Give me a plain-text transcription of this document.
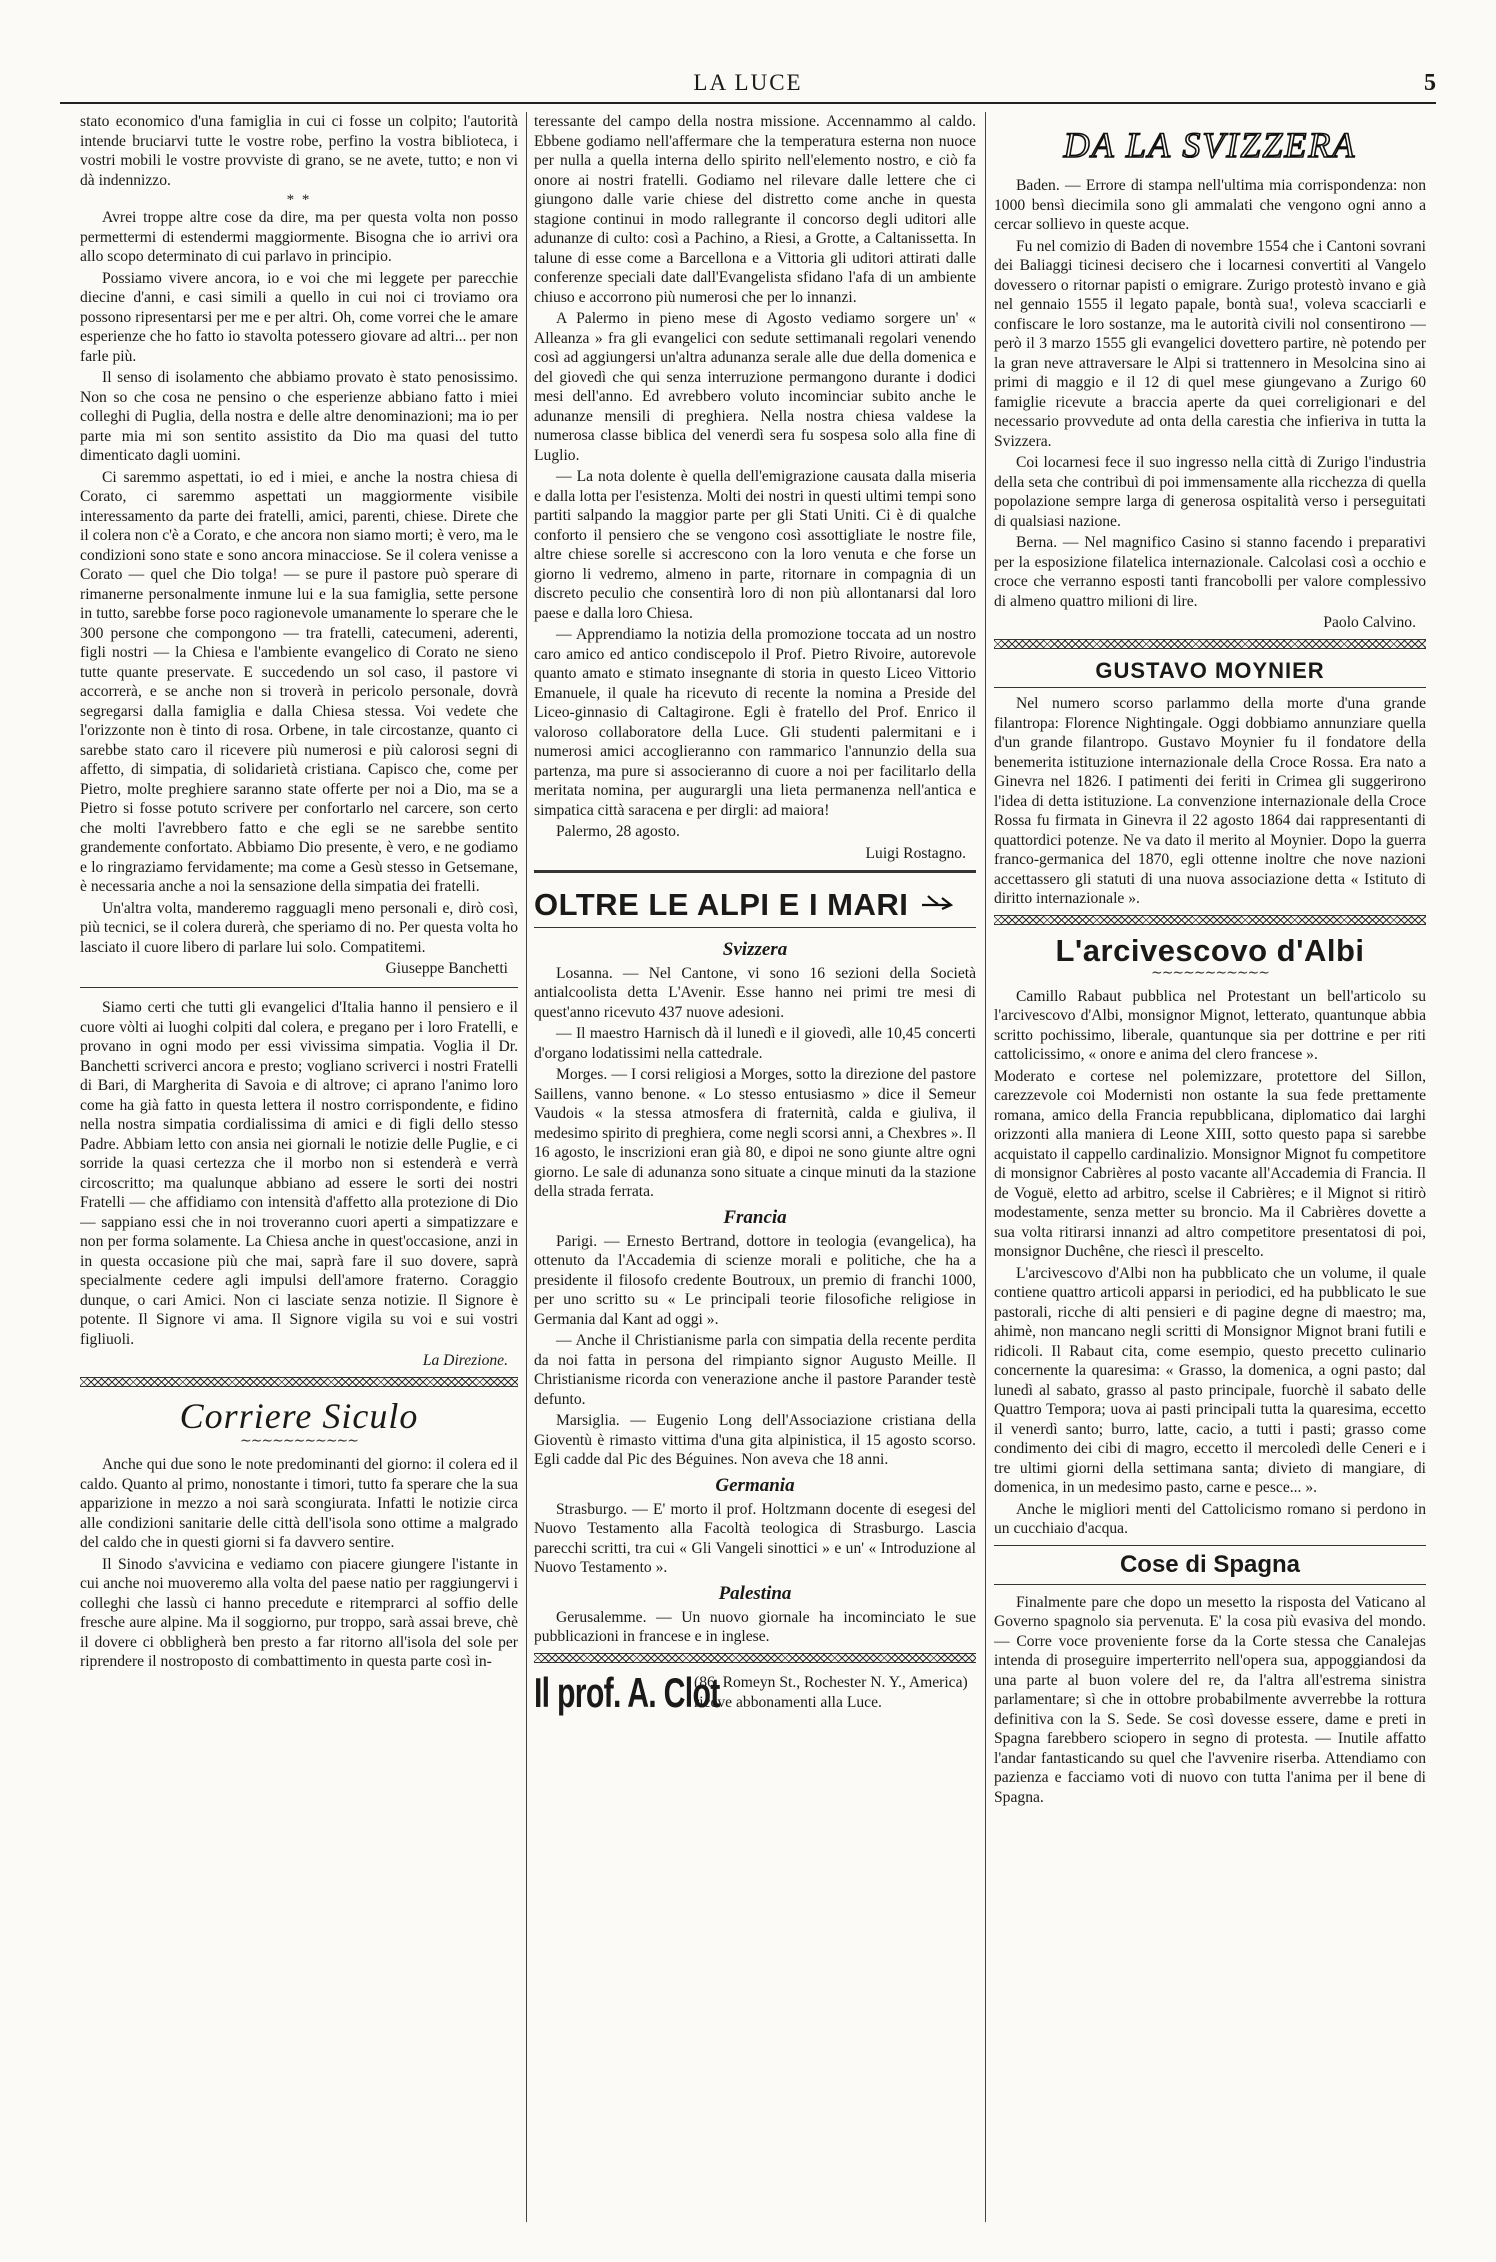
LA LUCE	5

stato economico d'una famiglia in cui ci fosse un colpito; l'autorità intende bruciarvi tutte le vostre robe, perfino la vostra biblioteca, i vostri mobili le vostre provviste di grano, se ne avete, tutto; e non vi dà indennizzo.

* *

Avrei troppe altre cose da dire, ma per questa volta non posso permettermi di estendermi maggiormente. Bisogna che io arrivi ora allo scopo determinato di cui parlavo in principio.

Possiamo vivere ancora, io e voi che mi leggete per parecchie diecine d'anni, e casi simili a quello in cui noi ci troviamo ora possono ripresentarsi per me e per altri. Oh, come vorrei che le amare esperienze che ho fatto io stavolta potessero giovare ad altri... per non farle più.

Il senso di isolamento che abbiamo provato è stato penosissimo. Non so che cosa ne pensino o che esperienze abbiano fatto i miei colleghi di Puglia, della nostra e delle altre denominazioni; ma io per parte mia mi son sentito assistito da Dio ma quasi del tutto dimenticato dagli uomini.

Ci saremmo aspettati, io ed i miei, e anche la nostra chiesa di Corato, ci saremmo aspettati un maggiormente visibile interessamento da parte dei fratelli, amici, parenti, chiese. Direte che il colera non c'è a Corato, e che ancora non siamo morti; è vero, ma le condizioni sono state e sono ancora minacciose. Se il colera venisse a Corato — quel che Dio tolga! — se pure il pastore può sperare di rimanerne personalmente inmune lui e la sua famiglia, sette persone in tutto, sarebbe forse poco ragionevole umanamente lo sperare che le 300 persone che compongono — tra fratelli, catecumeni, aderenti, figli nostri — la Chiesa e l'ambiente evangelico di Corato ne sieno tutte quante preservate. E succedendo un sol caso, il pastore vi accorrerà, e se anche non si troverà in pericolo personale, dovrà segregarsi dalla famiglia e dalla Chiesa stessa. Voi vedete che l'orizzonte non è tinto di rosa. Orbene, in tale circostanze, quanto ci sarebbe stato caro il ricevere più numerosi e più calorosi segni di affetto, di simpatia, di solidarietà cristiana. Capisco che, come per Pietro, molte preghiere saranno state offerte per noi a Dio, ma se a Pietro si fosse potuto scrivere per confortarlo nel carcere, son certo che molti l'avrebbero fatto e che egli se ne sarebbe sentito grandemente confortato. Abbiamo Dio presente, è vero, e ne godiamo e lo ringraziamo fervidamente; ma come a Gesù stesso in Getsemane, è necessaria anche a noi la sensazione della simpatia dei fratelli.

Un'altra volta, manderemo ragguagli meno personali e, dirò così, più tecnici, se il colera durerà, che speriamo di no. Per questa volta ho lasciato il cuore libero di parlare lui solo. Compatitemi.

Giuseppe Banchetti

Siamo certi che tutti gli evangelici d'Italia hanno il pensiero e il cuore vòlti ai luoghi colpiti dal colera, e pregano per i loro Fratelli, e provano in ogni modo per essi vivissima simpatia. Voglia il Dr. Banchetti scriverci ancora e presto; vogliano scriverci i nostri Fratelli di Bari, di Margherita di Savoia e di altrove; ci aprano l'animo loro come ha già fatto in questa lettera il nostro corrispondente, e fidino nella nostra simpatia cordialissima di amici e di figli dello stesso Padre. Abbiam letto con ansia nei giornali le notizie delle Puglie, e ci sorride la quasi certezza che il morbo non si estenderà e verrà circoscritto; ma qualunque abbiano ad essere le sorti dei nostri Fratelli — che affidiamo con intensità d'affetto alla protezione di Dio — sappiano essi che in noi troveranno cuori aperti a simpatizzare e non per forma solamente. La Chiesa anche in quest'occasione, anzi in in questa occasione più che mai, saprà fare il suo dovere, saprà specialmente cedere agli impulsi dell'amore fraterno. Coraggio dunque, o cari Amici. Non ci lasciate senza notizie. Il Signore è potente. Il Signore vi ama. Il Signore vigila su voi e sui vostri figliuoli.

La Direzione.
Corriere Siculo
∼∼∼∼∼∼∼∼∼∼∼

Anche qui due sono le note predominanti del giorno: il colera ed il caldo. Quanto al primo, nonostante i timori, tutto fa sperare che la sua apparizione in mezzo a noi sarà scongiurata. Infatti le notizie circa alle condizioni sanitarie delle città dell'isola sono ottime a malgrado del caldo che in questi giorni si fa davvero sentire.

Il Sinodo s'avvicina e vediamo con piacere giungere l'istante in cui anche noi muoveremo alla volta del paese natio per raggiungervi i colleghi che lassù ci hanno precedute e ritemprarci al soffio delle fresche aure alpine. Ma il soggiorno, pur troppo, sarà assai breve, chè il dovere ci obbligherà ben presto a far ritorno all'isola del sole per riprendere il nostroposto di combattimento in questa parte così in-

teressante del campo della nostra missione. Accennammo al caldo. Ebbene godiamo nell'affermare che la temperatura esterna non nuoce per nulla a quella interna dello spirito nell'elemento nostro, e ciò fa onore ai nostri fratelli. Godiamo nel rilevare dalle lettere che ci giungono dalle varie chiese del distretto come anche in questa stagione continui in modo rallegrante il concorso degli uditori alle adunanze di culto: così a Pachino, a Riesi, a Grotte, a Caltanissetta. In talune di esse come a Barcellona e a Vittoria gli uditori attirati dalle conferenze speciali date dall'Evangelista sfidano l'afa di un ambiente chiuso e accorrono più numerosi che per lo innanzi.

A Palermo in pieno mese di Agosto vediamo sorgere un' « Alleanza » fra gli evangelici con sedute settimanali regolari venendo così ad aggiungersi un'altra adunanza serale alle due della domenica e del giovedì che qui senza interruzione permangono durante i dodici mesi dell'anno. Ed avrebbero voluto incominciar subito anche le adunanze mensili di preghiera. Nella nostra chiesa valdese la numerosa classe biblica del venerdì sera fu sospesa solo alla fine di Luglio.

— La nota dolente è quella dell'emigrazione causata dalla miseria e dalla lotta per l'esistenza. Molti dei nostri in questi ultimi tempi sono partiti salpando la maggior parte per gli Stati Uniti. Ci è di qualche conforto il pensiero che se vengono così assottigliate le nostre file, altre chiese sorelle si accrescono con la loro venuta e che forse un giorno li vedremo, almeno in parte, ritornare in compagnia di un discreto peculio che consentirà loro di non più allontanarsi dal loro paese e dalla loro Chiesa.

— Apprendiamo la notizia della promozione toccata ad un nostro caro amico ed antico condiscepolo il Prof. Pietro Rivoire, autorevole quanto amato e stimato insegnante di storia in questo Liceo Vittorio Emanuele, il quale ha ricevuto di recente la nomina a Preside del Liceo-ginnasio di Caltagirone. Egli è fratello del Prof. Enrico il valoroso collaboratore della Luce. Gli studenti palermitani e i numerosi amici accoglieranno con rammarico l'annunzio della sua partenza, ma pure si associeranno di cuore a noi per facilitarlo della meritata nomina, per augurargli una lieta permanenza nell'antica e simpatica città saracena e per dirgli: ad maiora!

Palermo, 28 agosto.

Luigi Rostagno.
OLTRE LE ALPI E I MARI
Svizzera

Losanna. — Nel Cantone, vi sono 16 sezioni della Società antialcoolista detta L'Avenir. Esse hanno nei primi tre mesi di quest'anno ricevuto 437 nuove adesioni.

— Il maestro Harnisch dà il lunedì e il giovedì, alle 10,45 concerti d'organo lodatissimi nella cattedrale.

Morges. — I corsi religiosi a Morges, sotto la direzione del pastore Saillens, vanno benone. « Lo stesso entusiasmo » dice il Semeur Vaudois « la stessa atmosfera di fraternità, calda e giuliva, il medesimo spirito di preghiera, come negli scorsi anni, a Chexbres ». Il 16 agosto, le inscrizioni eran già 80, e dipoi ne sono giunte altre ogni giorno. Le sale di adunanza sono situate a cinque minuti da la stazione della strada ferrata.

Francia

Parigi. — Ernesto Bertrand, dottore in teologia (evangelica), ha ottenuto da l'Accademia di scienze morali e politiche, che ha a presidente il filosofo credente Boutroux, un premio di franchi 1000, per uno scritto su « Le principali teorie filosofiche religiose in Germania dal Kant ad oggi ».

— Anche il Christianisme parla con simpatia della recente perdita da noi fatta in persona del rimpianto signor Augusto Meille. Il Christianisme ricorda con venerazione anche il pastore Parander testè defunto.

Marsiglia. — Eugenio Long dell'Associazione cristiana della Gioventù è rimasto vittima d'una gita alpinistica, il 15 agosto scorso. Egli cadde dal Pic des Béguines. Non aveva che 18 anni.

Germania

Strasburgo. — E' morto il prof. Holtzmann docente di esegesi del Nuovo Testamento alla Facoltà teologica di Strasburgo. Lascia parecchi scritti, tra cui « Gli Vangeli sinottici » e un' « Introduzione al Nuovo Testamento ».

Palestina

Gerusalemme. — Un nuovo giornale ha incominciato le sue pubblicazioni in francese e in inglese.

Il prof. A. Clot
(86, Romeyn St., Rochester N. Y., America) riceve abbonamenti alla Luce.
DA LA SVIZZERA

Baden. — Errore di stampa nell'ultima mia corrispondenza: non 1000 bensì diecimila sono gli ammalati che vengono ogni anno a cercar sollievo in queste acque.

Fu nel comizio di Baden di novembre 1554 che i Cantoni sovrani dei Baliaggi ticinesi decisero che i locarnesi convertiti al Vangelo dovessero o ritornar papisti o emigrare. Zurigo protestò invano e già nel gennaio 1555 il legato papale, bontà sua!, voleva scacciarli e confiscare le loro sostanze, ma le autorità civili nol consentirono — però il 3 marzo 1555 gli evangelici dovettero partire, nè potendo per la gran neve attraversare le Alpi si trattennero in Mesolcina sino ai primi di maggio e il 12 di quel mese giungevano a Zurigo 60 famiglie ricevute a braccia aperte da quei correligionari e del necessario provvedute ad onta della carestia che infieriva in tutta la Svizzera.

Coi locarnesi fece il suo ingresso nella città di Zurigo l'industria della seta che contribuì di poi immensamente alla ricchezza di quella popolazione sempre larga di generosa ospitalità verso i perseguitati di qualsiasi nazione.

Berna. — Nel magnifico Casino si stanno facendo i preparativi per la esposizione filatelica internazionale. Calcolasi così a occhio e croce che verranno esposti tanti francobolli per valore complessivo di almeno quattro milioni di lire.

Paolo Calvino.
GUSTAVO MOYNIER

Nel numero scorso parlammo della morte d'una grande filantropa: Florence Nightingale. Oggi dobbiamo annunziare quella d'un grande filantropo. Gustavo Moynier fu il fondatore della benemerita istituzione internazionale della Croce Rossa. Era nato a Ginevra nel 1826. I patimenti dei feriti in Crimea gli suggerirono l'idea di detta istituzione. La convenzione internazionale della Croce Rossa fu firmata in Ginevra il 22 agosto 1864 dai rappresentanti di quattordici potenze. Ne va dato il merito al Moynier. Dopo la guerra franco-germanica del 1870, egli ottenne inoltre che nove nazioni accettassero gli statuti di una nuova associazione detta « Istituto di diritto internazionale ».

L'arcivescovo d'Albi
∼∼∼∼∼∼∼∼∼∼∼

Camillo Rabaut pubblica nel Protestant un bell'articolo su l'arcivescovo d'Albi, monsignor Mignot, letterato, quantunque abbia scritto pochissimo, liberale, quantunque sia per dottrine e per riti cattolicissimo, « onore e anima del clero francese ».

Moderato e cortese nel polemizzare, protettore del Sillon, carezzevole coi Modernisti non ostante la sua fede prettamente romana, amico della Francia repubblicana, diplomatico dai larghi orizzonti alla maniera di Leone XIII, sotto questo papa si sarebbe acquistato il cappello cardinalizio. Monsignor Mignot fu competitore di monsignor Cabrières al posto vacante all'Accademia di Francia. Il de Voguë, eletto ad arbitro, scelse il Cabrières; e il Mignot si ritirò modestamente, senza metter su broncio. Ma il Cabrières dovette a sua volta ritirarsi innanzi ad altro competitore presentatosi di poi, monsignor Duchêne, che riescì il prescelto.

L'arcivescovo d'Albi non ha pubblicato che un volume, il quale contiene quattro articoli apparsi in periodici, ed ha pubblicato le sue pastorali, ricche di alti pensieri e di pagine degne di maestro; ma, ahimè, non mancano negli scritti di Monsignor Mignot brani futili e ridicoli. Il Rabaut cita, come esempio, questo precetto culinario concernente la quaresima: « Grasso, la domenica, a ogni pasto; dal lunedì al sabato, grasso al pasto principale, fuorchè il sabato delle Quattro Tempora; uova ai pasti principali tutta la quaresima, eccetto il venerdì santo; burro, latte, cacio, a tutti i pasti; grasso come condimento dei cibi di magro, eccetto il mercoledì delle Ceneri e i tre ultimi giorni della settimana santa; divieto di mangiare, di domenica, in un medesimo pasto, carne e pesce... ».

Anche le migliori menti del Cattolicismo romano si perdono in un cucchiaio d'acqua.

Cose di Spagna

Finalmente pare che dopo un mesetto la risposta del Vaticano al Governo spagnolo sia pervenuta. E' la cosa più evasiva del mondo. — Corre voce proveniente forse da la Corte stessa che Canalejas intenda di proseguire imperterrito nell'opera sua, appoggiandosi da una parte al buon volere del re, da l'altra all'estrema sinistra parlamentare; sì che in ottobre probabilmente avverrebbe la rottura definitiva con la S. Sede. Se così dovesse essere, dame e preti in Spagna farebbero sciopero in segno di protesta. — Inutile affatto l'andar fantasticando su quel che l'avvenire riserba. Attendiamo con pazienza e facciamo voti di nuovo con tutta l'anima per il bene di Spagna.
